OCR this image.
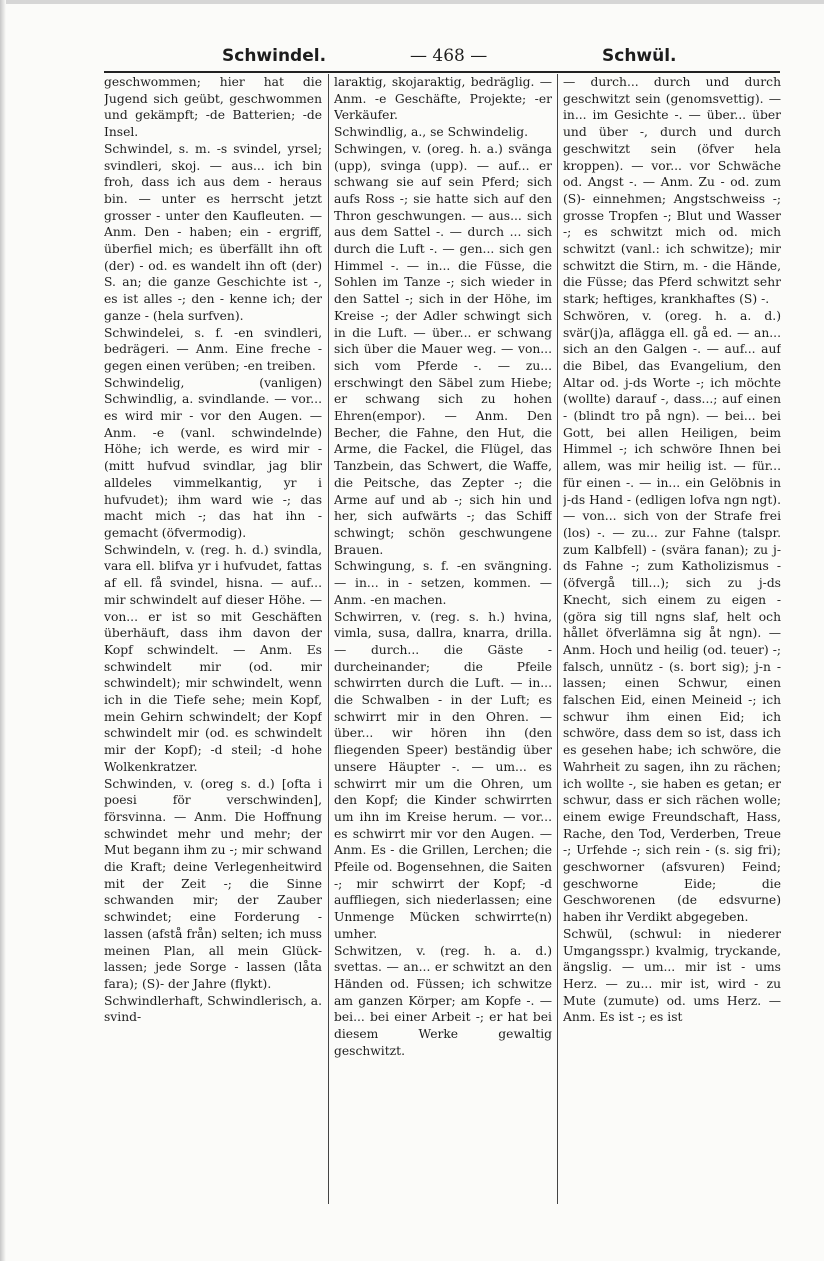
Schwindel.	— 468 —	Schwül.

geschwommen; hier hat die Jugend sich geübt, geschwommen und gekämpft; -de Batterien; -de Insel.

Schwindel, s. m. -s svindel, yrsel; svindleri, skoj. — aus... ich bin froh, dass ich aus dem - heraus bin. — unter es herrscht jetzt grosser - unter den Kaufleuten. — Anm. Den - haben; ein - ergriff, überfiel mich; es überfällt ihn oft (der) - od. es wandelt ihn oft (der) S. an; die ganze Geschichte ist -, es ist alles -; den - kenne ich; der ganze - (hela surfven).

Schwindelei, s. f. -en svindleri, bedrägeri. — Anm. Eine freche - gegen einen verüben; -en treiben.

Schwindelig, (vanligen) Schwindlig, a. svindlande. — vor... es wird mir - vor den Augen. — Anm. -e (vanl. schwindelnde) Höhe; ich werde, es wird mir - (mitt hufvud svindlar, jag blir alldeles vimmelkantig, yr i hufvudet); ihm ward wie -; das macht mich -; das hat ihn - gemacht (öfvermodig).

Schwindeln, v. (reg. h. d.) svindla, vara ell. blifva yr i hufvudet, fattas af ell. få svindel, hisna. — auf... mir schwindelt auf dieser Höhe. — von... er ist so mit Geschäften überhäuft, dass ihm davon der Kopf schwindelt. — Anm. Es schwindelt mir (od. mir schwindelt); mir schwindelt, wenn ich in die Tiefe sehe; mein Kopf, mein Gehirn schwindelt; der Kopf schwindelt mir (od. es schwindelt mir der Kopf); -d steil; -d hohe Wolkenkratzer.

Schwinden, v. (oreg s. d.) [ofta i poesi för verschwinden], försvinna. — Anm. Die Hoffnung schwindet mehr und mehr; der Mut begann ihm zu -; mir schwand die Kraft; deine Verlegenheitwird mit der Zeit -; die Sinne schwanden mir; der Zauber schwindet; eine Forderung - lassen (afstå från) selten; ich muss meinen Plan, all mein Glück- lassen; jede Sorge - lassen (låta fara); (S)- der Jahre (flykt).

Schwindlerhaft, Schwindlerisch, a. svind-

laraktig, skojaraktig, bedräglig. — Anm. -e Geschäfte, Projekte; -er Verkäufer.

Schwindlig, a., se Schwindelig.

Schwingen, v. (oreg. h. a.) svänga (upp), svinga (upp). — auf... er schwang sie auf sein Pferd; sich aufs Ross -; sie hatte sich auf den Thron geschwungen. — aus... sich aus dem Sattel -. — durch ... sich durch die Luft -. — gen... sich gen Himmel -. — in... die Füsse, die Sohlen im Tanze -; sich wieder in den Sattel -; sich in der Höhe, im Kreise -; der Adler schwingt sich in die Luft. — über... er schwang sich über die Mauer weg. — von... sich vom Pferde -. — zu... erschwingt den Säbel zum Hiebe; er schwang sich zu hohen Ehren(empor). — Anm. Den Becher, die Fahne, den Hut, die Arme, die Fackel, die Flügel, das Tanzbein, das Schwert, die Waffe, die Peitsche, das Zepter -; die Arme auf und ab -; sich hin und her, sich aufwärts -; das Schiff schwingt; schön geschwungene Brauen.

Schwingung, s. f. -en svängning. — in... in - setzen, kommen. — Anm. -en machen.

Schwirren, v. (reg. s. h.) hvina, vimla, susa, dallra, knarra, drilla. — durch... die Gäste - durcheinander; die Pfeile schwirrten durch die Luft. — in... die Schwalben - in der Luft; es schwirrt mir in den Ohren. — über... wir hören ihn (den fliegenden Speer) beständig über unsere Häupter -. — um... es schwirrt mir um die Ohren, um den Kopf; die Kinder schwirrten um ihn im Kreise herum. — vor... es schwirrt mir vor den Augen. — Anm. Es - die Grillen, Lerchen; die Pfeile od. Bogensehnen, die Saiten -; mir schwirrt der Kopf; -d auffliegen, sich niederlassen; eine Unmenge Mücken schwirrte(n) umher.

Schwitzen, v. (reg. h. a. d.) svettas. — an... er schwitzt an den Händen od. Füssen; ich schwitze am ganzen Körper; am Kopfe -. — bei... bei einer Arbeit -; er hat bei diesem Werke gewaltig geschwitzt.

— durch... durch und durch geschwitzt sein (genomsvettig). — in... im Gesichte -. — über... über und über -, durch und durch geschwitzt sein (öfver hela kroppen). — vor... vor Schwäche od. Angst -. — Anm. Zu - od. zum (S)- einnehmen; Angstschweiss -; grosse Tropfen -; Blut und Wasser -; es schwitzt mich od. mich schwitzt (vanl.: ich schwitze); mir schwitzt die Stirn, m. - die Hände, die Füsse; das Pferd schwitzt sehr stark; heftiges, krankhaftes (S) -.

Schwören, v. (oreg. h. a. d.) svär(j)a, aflägga ell. gå ed. — an... sich an den Galgen -. — auf... auf die Bibel, das Evangelium, den Altar od. j-ds Worte -; ich möchte (wollte) darauf -, dass...; auf einen - (blindt tro på ngn). — bei... bei Gott, bei allen Heiligen, beim Himmel -; ich schwöre Ihnen bei allem, was mir heilig ist. — für... für einen -. — in... ein Gelöbnis in j-ds Hand - (edligen lofva ngn ngt). — von... sich von der Strafe frei (los) -. — zu... zur Fahne (talspr. zum Kalbfell) - (svära fanan); zu j-ds Fahne -; zum Katholizismus - (öfvergå till...); sich zu j-ds Knecht, sich einem zu eigen - (göra sig till ngns slaf, helt och hållet öfverlämna sig åt ngn). — Anm. Hoch und heilig (od. teuer) -; falsch, unnütz - (s. bort sig); j-n - lassen; einen Schwur, einen falschen Eid, einen Meineid -; ich schwur ihm einen Eid; ich schwöre, dass dem so ist, dass ich es gesehen habe; ich schwöre, die Wahrheit zu sagen, ihn zu rächen; ich wollte -, sie haben es getan; er schwur, dass er sich rächen wolle; einem ewige Freundschaft, Hass, Rache, den Tod, Verderben, Treue -; Urfehde -; sich rein - (s. sig fri); geschworner (afsvuren) Feind; geschworne Eide; die Geschworenen (de edsvurne) haben ihr Verdikt abgegeben.

Schwül, (schwul: in niederer Umgangsspr.) kvalmig, tryckande, ängslig. — um... mir ist - ums Herz. — zu... mir ist, wird - zu Mute (zumute) od. ums Herz. — Anm. Es ist -; es ist
